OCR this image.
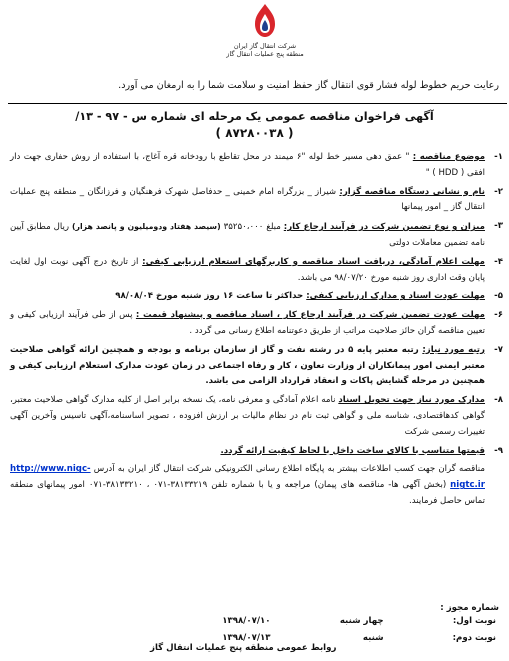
شرکت انتقال گاز ایران
منطقه پنج عملیات انتقال گاز
رعایت حریم خطوط لوله فشار قوی انتقال گاز حفظ امنیت و سلامت شما را به ارمغان می آورد.
آگهی فراخوان مناقصه عمومی یک مرحله ای شماره س - ۹۷ - ۱۳/
( ۸۷۲۸۰۰۳۸ )
۱-
موضوع مناقصه : " عمق دهی مسیر خط لوله "۶ میمند در محل تقاطع با رودخانه قره آغاج، با استفاده از روش حفاری جهت دار افقی ( HDD ) "
۲-
نام و نشانی دستگاه مناقصه گزار: شیراز _ بزرگراه امام خمینی _ حدفاصل شهرک فرهنگیان و فرزانگان _ منطقه پنج عملیات انتقال گاز _ امور پیمانها
۳-
میزان و نوع تضمین شرکت در فرآیند ارجاع کار: مبلغ ۳۵۲۵۰،۰۰۰ (سیصد هفتاد ودومیلیون و پانصد هزار) ریال مطابق آیین نامه تضمین معاملات دولتی
۴-
مهلت اعلام آمادگی، دریافت اسناد مناقصه و کاربرگهای استعلام ارزیابی کیفی: از تاریخ درج آگهی نوبت اول لغایت پایان وقت اداری روز شنبه مورخ ۹۸/۰۷/۲۰ می باشد.
۵-
مهلت عودت اسناد و مدارک ارزیابی کیفی: حداکثر تا ساعت ۱۶ روز شنبه مورخ ۹۸/۰۸/۰۴
۶-
مهلت عودت تضمین شرکت در فرآیند ارجاع کار ، اسناد مناقصه و پیشنهاد قیمت : پس از طی فرآیند ارزیابی کیفی و تعیین مناقصه گران حائز صلاحیت مراتب از طریق دعوتنامه اطلاع رسانی می گردد .
۷-
رتبه مورد نیاز: رتبه معتبر پایه ۵ در رشته نفت و گاز از سازمان برنامه و بودجه و همچنین ارائه گواهی صلاحیت معتبر ایمنی امور پیمانکاران از وزارت تعاون ، کار و رفاه اجتماعی در زمان عودت مدارک استعلام ارزیابی کیفی و همچنین در مرحله گشایش پاکات و انعقاد قرارداد الزامی می باشد.
۸-
مدارک مورد نیاز جهت تحویل اسناد نامه اعلام آمادگی و معرفی نامه، یک نسخه برابر اصل از کلیه مدارک گواهی صلاحیت معتبر، گواهی کدهاقتصادی، شناسه ملی و گواهی ثبت نام در نظام مالیات بر ارزش افزوده ، تصویر اساسنامه،آگهی تاسیس وآخرین آگهی تغییرات رسمی شرکت
۹-
قیمتها متناسب با کالای ساخت داخل با لحاظ کیفیت ارائه گردد.
مناقصه گران جهت کسب اطلاعات بیشتر به پایگاه اطلاع رسانی الکترونیکی شرکت انتقال گاز ایران به آدرس http://www.nigc-nigtc.ir (بخش آگهی ها- مناقصه های پیمان) مراجعه و یا با شماره تلفن ۳۸۱۳۳۲۱۹-۰۷۱ ، ۳۸۱۳۳۲۱۰-۰۷۱ امور پیمانهای منطقه تماس حاصل فرمایند.
شماره مجوز :
نوبت اول:	چهار شنبه	۱۳۹۸/۰۷/۱۰
نوبت دوم:	شنبه	۱۳۹۸/۰۷/۱۳
روابط عمومی منطقه پنج عملیات انتقال گاز
